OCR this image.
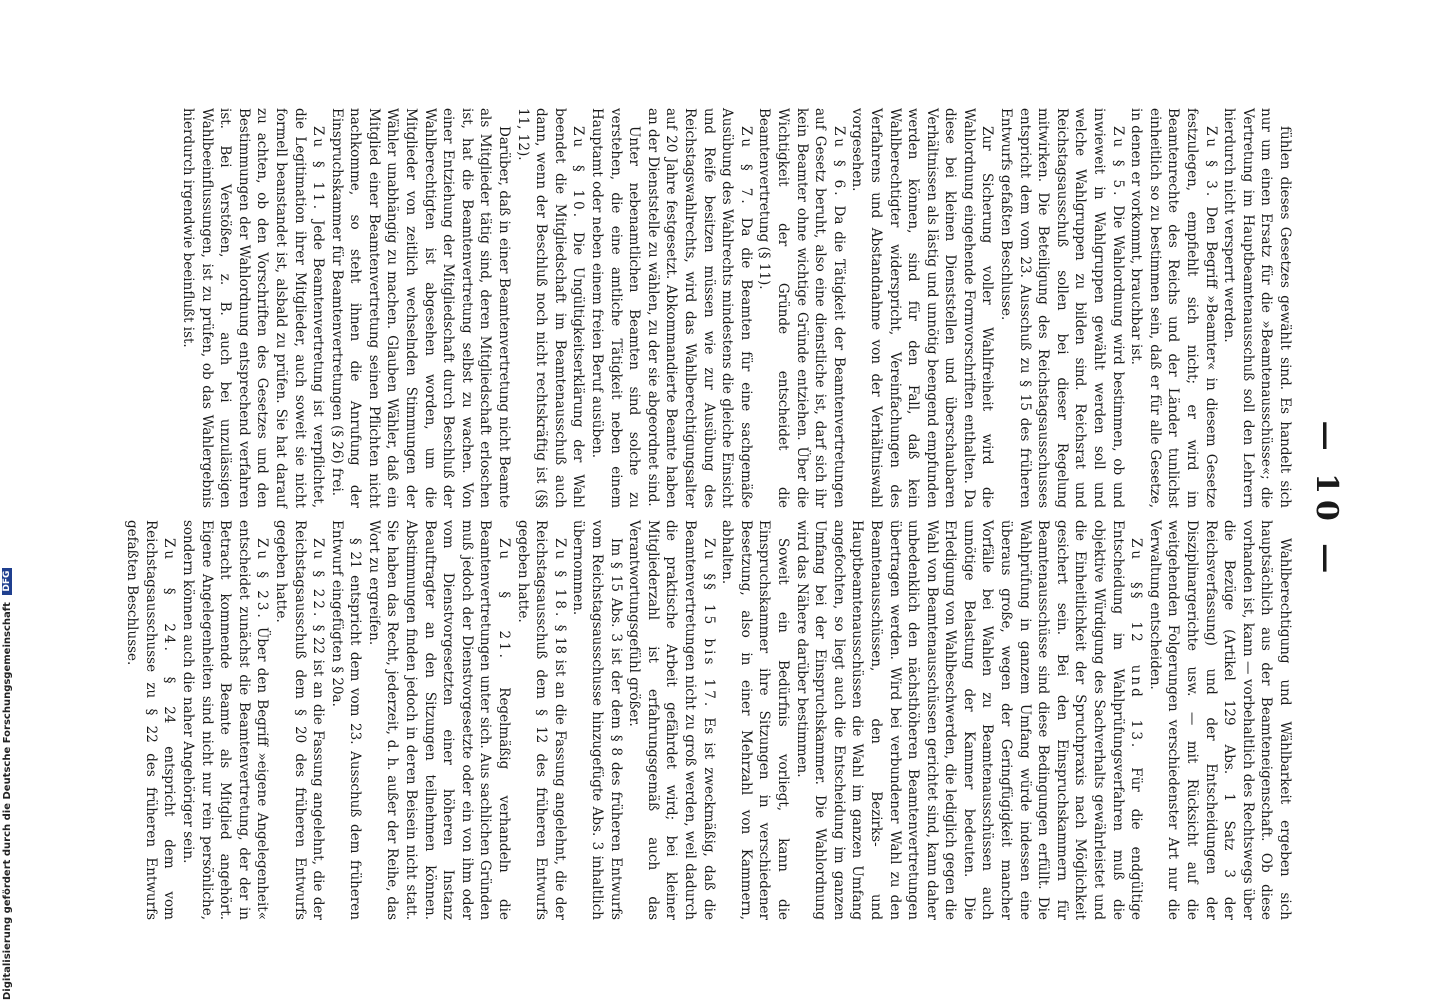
— 10 —

fühlen dieses Gesetzes gewählt sind. Es handelt sich nur um einen Ersatz für die »Beamtenausschüsse«; die Vertretung im Hauptbeamtenausschuß soll den Lehrern hierdurch nicht versperrt werden.

Zu § 3. Den Begriff »Beamter« in diesem Gesetze festzulegen, empfiehlt sich nicht; er wird im Beamtenrechte des Reichs und der Länder tunlichst einheitlich so zu bestimmen sein, daß er für alle Gesetze, in denen er vorkommt, brauchbar ist.

Zu § 5. Die Wahlordnung wird bestimmen, ob und inwieweit in Wahlgruppen gewählt werden soll und welche Wahlgruppen zu bilden sind. Reichsrat und Reichstagsausschuß sollen bei dieser Regelung mitwirken. Die Beteiligung des Reichstagsausschusses entspricht dem vom 23. Ausschuß zu § 15 des früheren Entwurfs gefaßten Beschlusse.

Zur Sicherung voller Wahlfreiheit wird die Wahlordnung eingehende Formvorschriften enthalten. Da diese bei kleinen Dienststellen und überschaubaren Verhältnissen als lästig und unnötig beengend empfunden werden können, sind für den Fall, daß kein Wahlberechtigter widerspricht, Vereinfachungen des Verfahrens und Abstandnahme von der Verhältniswahl vorgesehen.

Zu § 6. Da die Tätigkeit der Beamtenvertretungen auf Gesetz beruht, also eine dienstliche ist, darf sich ihr kein Beamter ohne wichtige Gründe entziehen. Über die Wichtigkeit der Gründe entscheidet die Beamtenvertretung (§ 11).

Zu § 7. Da die Beamten für eine sachgemäße Ausübung des Wahlrechts mindestens die gleiche Einsicht und Reife besitzen müssen wie zur Ausübung des Reichstagswahlrechts, wird das Wahlberechtigungsalter auf 20 Jahre festgesetzt. Abkommandierte Beamte haben an der Dienststelle zu wählen, zu der sie abgeordnet sind.

Unter nebenamtlichen Beamten sind solche zu verstehen, die eine amtliche Tätigkeit neben einem Hauptamt oder neben einem freien Beruf ausüben.

Zu § 10. Die Ungültigkeitserklärung der Wahl beendet die Mitgliedschaft im Beamtenausschuß auch dann, wenn der Beschluß noch nicht rechtskräftig ist (§§ 11, 12).

Darüber, daß in einer Beamtenvertretung nicht Beamte als Mitglieder tätig sind, deren Mitgliedschaft erloschen ist, hat die Beamtenvertretung selbst zu wachen. Von einer Entziehung der Mitgliedschaft durch Beschluß der Wahlberechtigten ist abgesehen worden, um die Mitglieder von zeitlich wechselnden Stimmungen der Wähler unabhängig zu machen. Glauben Wähler, daß ein Mitglied einer Beamtenvertretung seinen Pflichten nicht nachkomme, so steht ihnen die Anrufung der Einspruchskammer für Beamtenvertretungen (§ 26) frei.

Zu § 11. Jede Beamtenvertretung ist verpflichtet, die Legitimation ihrer Mitglieder, auch soweit sie nicht formell beanstandet ist, alsbald zu prüfen. Sie hat darauf zu achten, ob den Vorschriften des Gesetzes und den Bestimmungen der Wahlordnung entsprechend verfahren ist. Bei Verstößen, z. B. auch bei unzulässigen Wahlbeeinflussungen, ist zu prüfen, ob das Wahlergebnis hierdurch irgendwie beeinflußt ist.

Wahlberechtigung und Wählbarkeit ergeben sich hauptsächlich aus der Beamteneigenschaft. Ob diese vorhanden ist, kann — vorbehaltlich des Rechtswegs über die Bezüge (Artikel 129 Abs. 1 Satz 3 der Reichsverfassung) und der Entscheidungen der Disziplinargerichte usw. — mit Rücksicht auf die weitgehenden Folgerungen verschiedenster Art nur die Verwaltung entscheiden.

Zu §§ 12 und 13. Für die endgültige Entscheidung im Wahlprüfungsverfahren muß die objektive Würdigung des Sachverhalts gewährleistet und die Einheitlichkeit der Spruchpraxis nach Möglichkeit gesichert sein. Bei den Einspruchskammern für Beamtenausschüsse sind diese Bedingungen erfüllt. Die Wahlprüfung in ganzem Umfang würde indessen eine überaus große, wegen der Geringfügigkeit mancher Vorfälle bei Wahlen zu Beamtenausschüssen auch unnötige Belastung der Kammer bedeuten. Die Erledigung von Wahlbeschwerden, die lediglich gegen die Wahl von Beamtenausschüssen gerichtet sind, kann daher unbedenklich den nächsthöheren Beamtenvertretungen übertragen werden. Wird bei verbundener Wahl zu den Beamtenausschüssen, den Bezirks- und Hauptbeamtenausschüssen die Wahl im ganzen Umfang angefochten, so liegt auch die Entscheidung im ganzen Umfang bei der Einspruchskammer. Die Wahlordnung wird das Nähere darüber bestimmen.

Soweit ein Bedürfnis vorliegt, kann die Einspruchskammer ihre Sitzungen in verschiedener Besetzung, also in einer Mehrzahl von Kammern, abhalten.

Zu §§ 15 bis 17. Es ist zweckmäßig, daß die Beamtenvertretungen nicht zu groß werden, weil dadurch die praktische Arbeit gefährdet wird; bei kleiner Mitgliederzahl ist erfahrungsgemäß auch das Verantwortungsgefühl größer.

Im § 15 Abs. 3 ist der dem § 8 des früheren Entwurfs vom Reichstagsausschusse hinzugefügte Abs. 3 inhaltlich übernommen.

Zu § 18. § 18 ist an die Fassung angelehnt, die der Reichstagsausschuß dem § 12 des früheren Entwurfs gegeben hatte.

Zu § 21. Regelmäßig verhandeln die Beamtenvertretungen unter sich. Aus sachlichen Gründen muß jedoch der Dienstvorgesetzte oder ein von ihm oder vom Dienstvorgesetzten einer höheren Instanz Beauftragter an den Sitzungen teilnehmen können. Abstimmungen finden jedoch in deren Beisein nicht statt. Sie haben das Recht, jederzeit, d. h. außer der Reihe, das Wort zu ergreifen.

§ 21 entspricht dem vom 23. Ausschuß dem früheren Entwurf eingefügten § 20a.

Zu § 22. § 22 ist an die Fassung angelehnt, die der Reichstagsausschuß dem § 20 des früheren Entwurfs gegeben hatte.

Zu § 23. Über den Begriff »eigene Angelegenheit« entscheidet zunächst die Beamtenvertretung, der der in Betracht kommende Beamte als Mitglied angehört. Eigene Angelegenheiten sind nicht nur rein persönliche, sondern können auch die naher Angehöriger sein.

Zu § 24. § 24 entspricht dem vom Reichstagsausschusse zu § 22 des früheren Entwurfs gefaßten Beschlusse.

Digitalisierung gefördert durch die Deutsche Forschungsgemeinschaft DFG
